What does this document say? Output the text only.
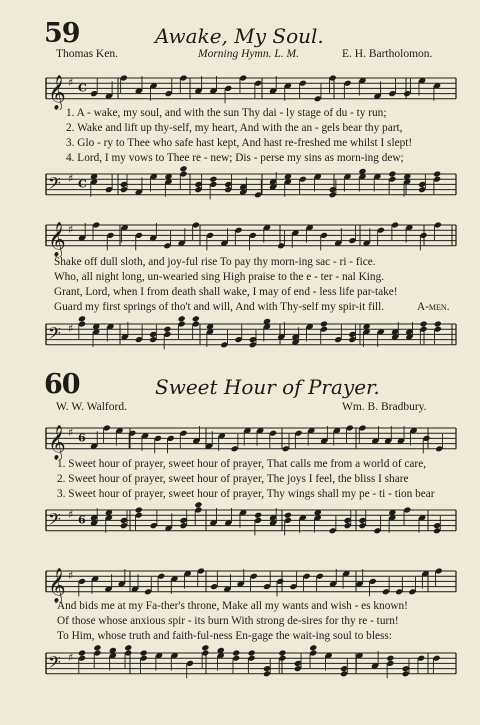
59	Awake, My Soul.
Thomas Ken.	Morning Hymn. L. M.	E. H. Bartholomon.
𝄞 ♯ C
1. A - wake, my soul, and with the sun Thy dai - ly stage of du - ty run;
2. Wake and lift up thy-self, my heart, And with the an - gels bear thy part,
3. Glo - ry to Thee who safe hast kept, And hast re-freshed me whilst I slept!
4. Lord, I my vows to Thee re - new; Dis - perse my sins as morn-ing dew;
𝄢 ♯ C
𝄞 ♯
Shake off dull sloth, and joy-ful rise To pay thy morn-ing sac - ri - fice.
Who, all night long, un-wearied sing High praise to the e - ter - nal King.
Grant, Lord, when I from death shall wake, I may of end - less life par-take!
Guard my first springs of tho't and will, And with Thy-self my spir-it fill.	A-men.
𝄢 ♯
60	Sweet Hour of Prayer.
W. W. Walford.	Wm. B. Bradbury.
𝄞 ♯ 6
1. Sweet hour of prayer, sweet hour of prayer, That calls me from a world of care,
2. Sweet hour of prayer, sweet hour of prayer, The joys I feel, the bliss I share
3. Sweet hour of prayer, sweet hour of prayer, Thy wings shall my pe - ti - tion bear
𝄢 ♯ 6
𝄞 ♯
And bids me at my Fa-ther's throne, Make all my wants and wish - es known!
Of those whose anxious spir - its burn With strong de-sires for thy re - turn!
To Him, whose truth and faith-ful-ness En-gage the wait-ing soul to bless:
𝄢 ♯
